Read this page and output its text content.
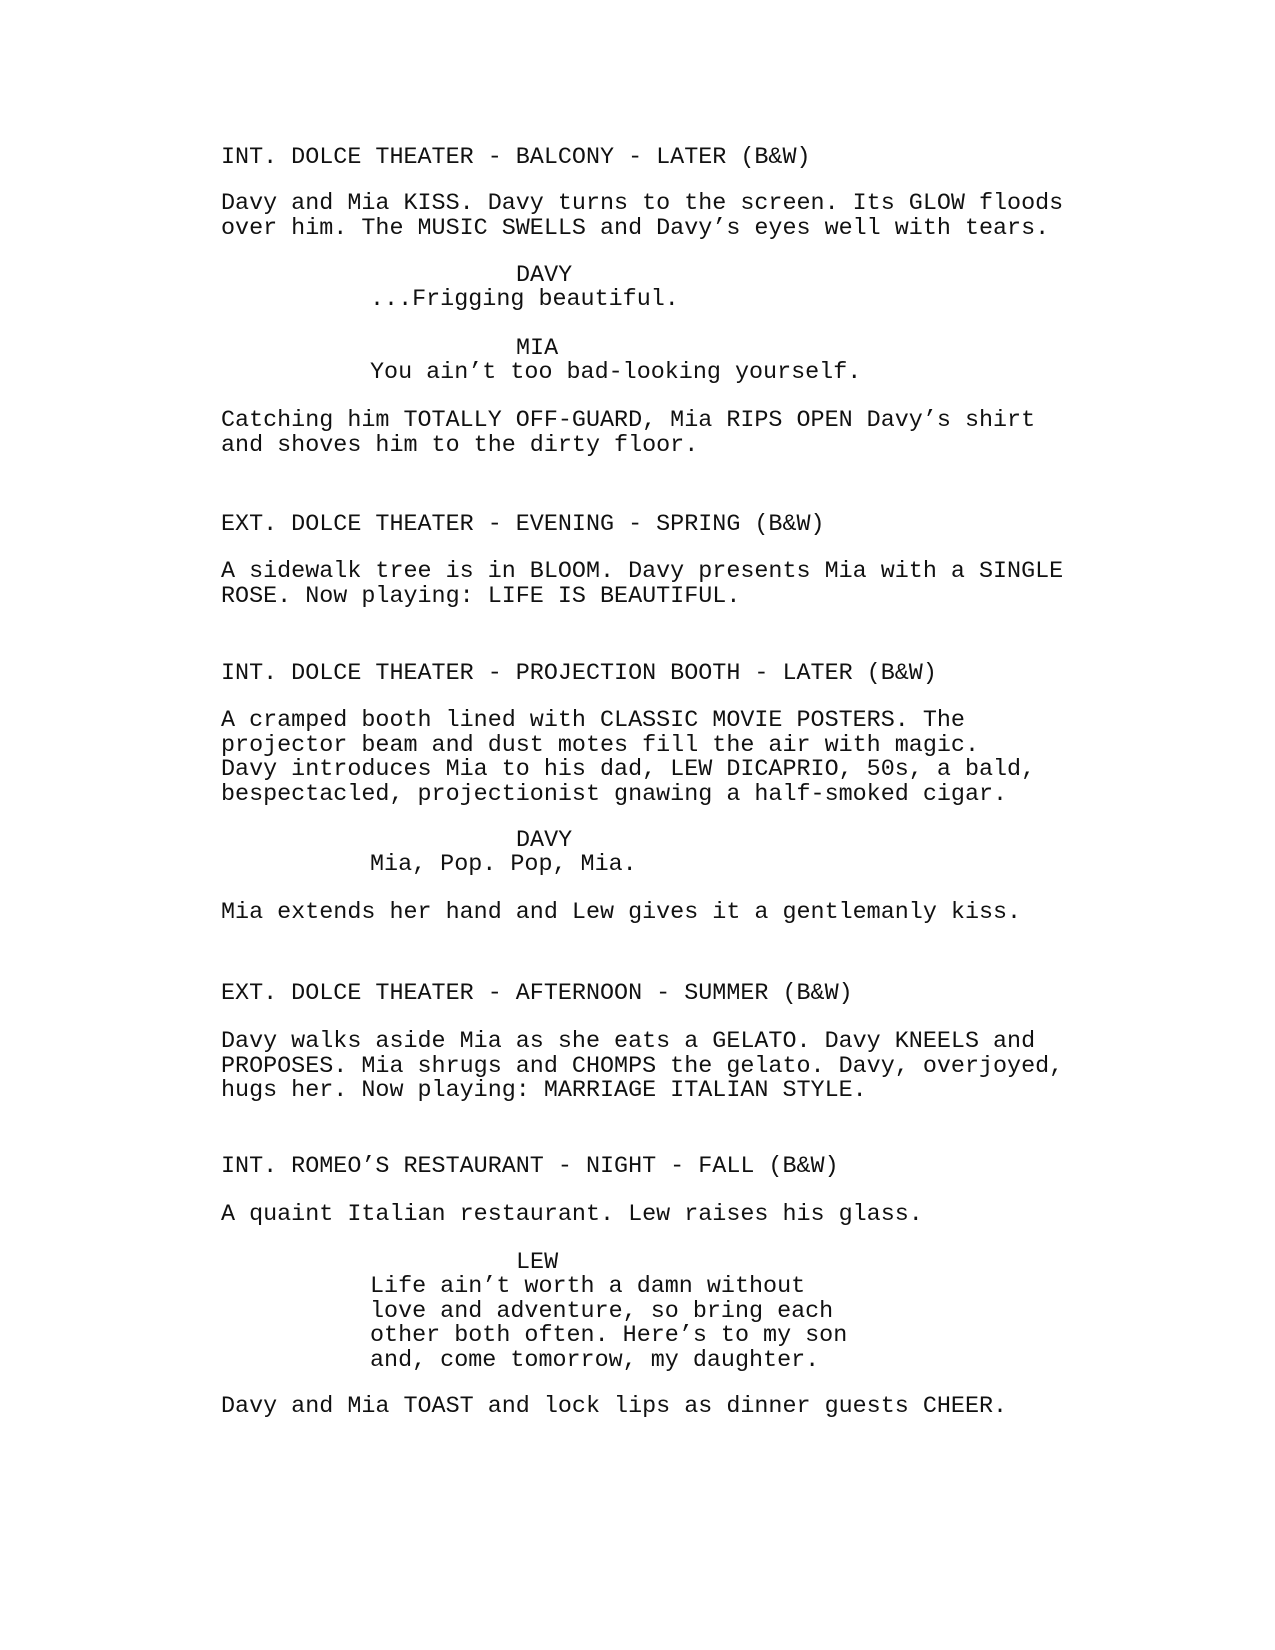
INT. DOLCE THEATER - BALCONY - LATER (B&W)

Davy and Mia KISS. Davy turns to the screen. Its GLOW floods
over him. The MUSIC SWELLS and Davy’s eyes well with tears.

DAVY

...Frigging beautiful.

MIA

You ain’t too bad-looking yourself.

Catching him TOTALLY OFF-GUARD, Mia RIPS OPEN Davy’s shirt
and shoves him to the dirty floor.

EXT. DOLCE THEATER - EVENING - SPRING (B&W)

A sidewalk tree is in BLOOM. Davy presents Mia with a SINGLE
ROSE. Now playing: LIFE IS BEAUTIFUL.

INT. DOLCE THEATER - PROJECTION BOOTH - LATER (B&W)

A cramped booth lined with CLASSIC MOVIE POSTERS. The
projector beam and dust motes fill the air with magic.
Davy introduces Mia to his dad, LEW DICAPRIO, 50s, a bald,
bespectacled, projectionist gnawing a half-smoked cigar.

DAVY

Mia, Pop. Pop, Mia.

Mia extends her hand and Lew gives it a gentlemanly kiss.

EXT. DOLCE THEATER - AFTERNOON - SUMMER (B&W)

Davy walks aside Mia as she eats a GELATO. Davy KNEELS and
PROPOSES. Mia shrugs and CHOMPS the gelato. Davy, overjoyed,
hugs her. Now playing: MARRIAGE ITALIAN STYLE.

INT. ROMEO’S RESTAURANT - NIGHT - FALL (B&W)

A quaint Italian restaurant. Lew raises his glass.

LEW

Life ain’t worth a damn without
love and adventure, so bring each
other both often. Here’s to my son
and, come tomorrow, my daughter.

Davy and Mia TOAST and lock lips as dinner guests CHEER.
